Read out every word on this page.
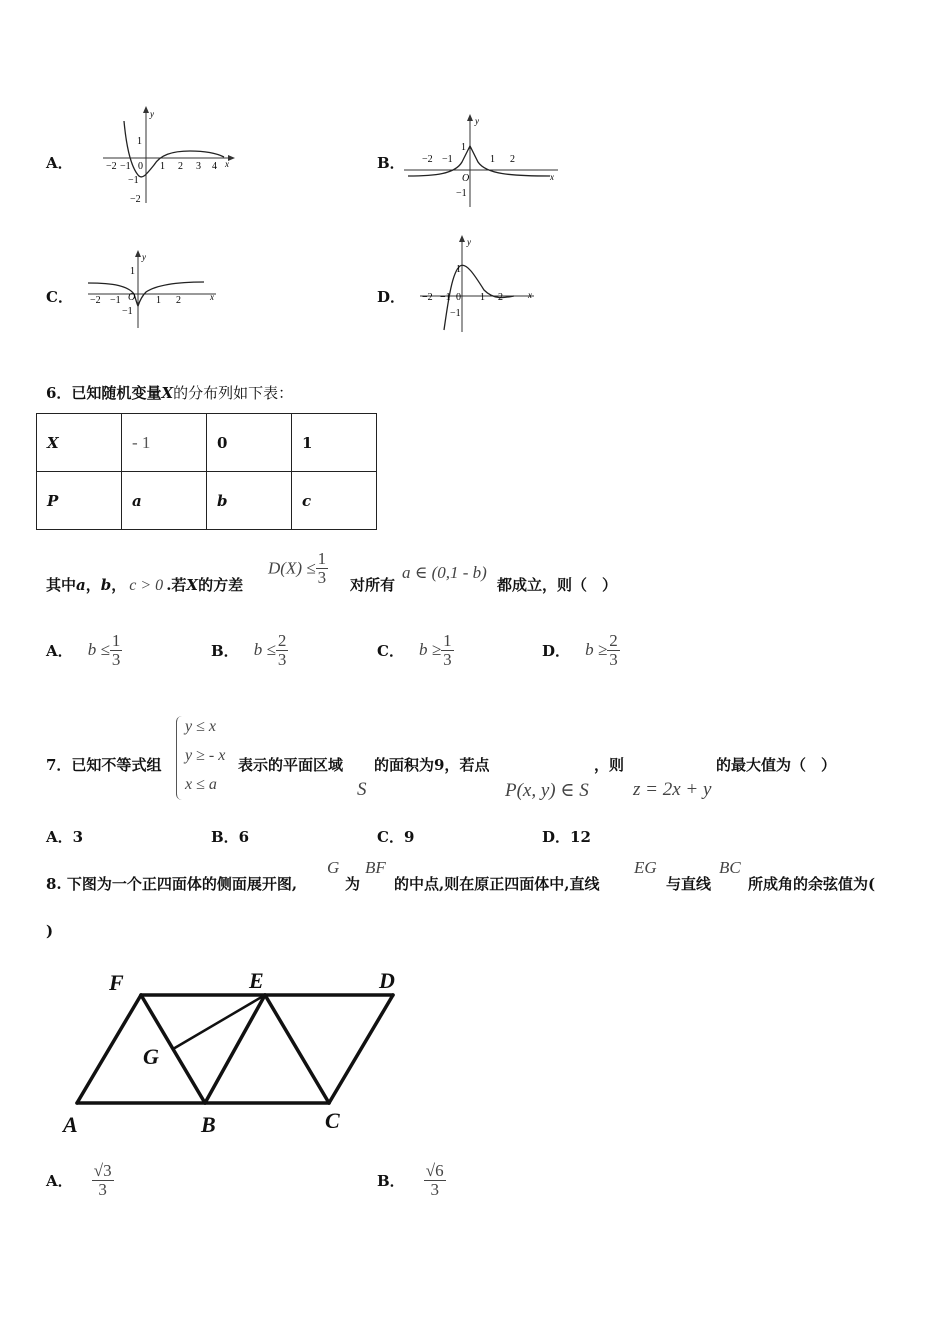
A．	−2 −1 0 1 2 3 4 x
y
1
−1
−2
B． −2 −1	1 2
O	x
y
1
−1
C． −2 −1 O 1 2	x
y
1
−1
D． −2 −1 0 1 2	x
y
1
−1
6．已知随机变量X的分布列如下表：
X	- 1	0	1
P	a	b	c
其中a，b， c > 0 .若X的方差
$D(X) \le \frac{1}{3}$ 对所有
a ∈ (0,1 - b)
都成立，则（　）
A． $b \le \frac{1}{3}$	B． $b \le \frac{2}{3}$	C． $b \ge \frac{1}{3}$	D． $b \ge \frac{2}{3}$
7．已知不等式组
y ≤ x
y ≥ - x
x ≤ a
表示的平面区域
S
的面积为9，若点
P(x, y) ∈ S
，则
z = 2x + y
的最大值为（　）
A．3	B．6	C．9	D．12
8. 下图为一个正四面体的侧面展开图,
G
为
BF
的中点,则在原正四面体中,直线
EG
与直线
BC
所成角的余弦值为(
)
F	E	D
G
A	B	C
A． $\frac{√3}{3}$	B． $\frac{√6}{3}$
